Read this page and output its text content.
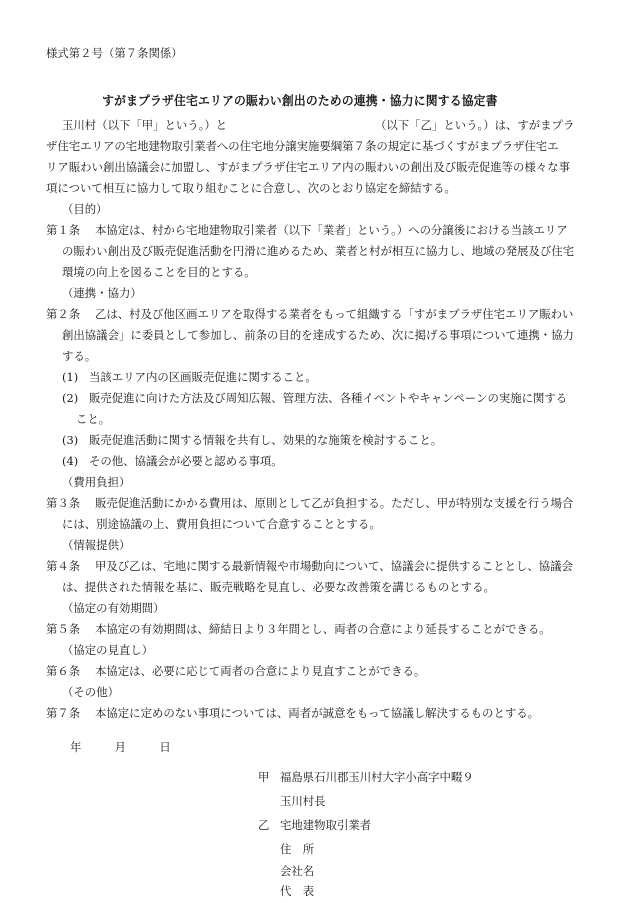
様式第２号（第７条関係）
すがまプラザ住宅エリアの賑わい創出のための連携・協力に関する協定書
玉川村（以下「甲」という。）と	（以下「乙」という。）は、すがまプラ
ザ住宅エリアの宅地建物取引業者への住宅地分譲実施要綱第７条の規定に基づくすがまプラザ住宅エ
リア賑わい創出協議会に加盟し、すがまプラザ住宅エリア内の賑わいの創出及び販売促進等の様々な事
項について相互に協力して取り組むことに合意し、次のとおり協定を締結する。
（目的）
第１条 本協定は、村から宅地建物取引業者（以下「業者」という。）への分譲後における当該エリア
の賑わい創出及び販売促進活動を円滑に進めるため、業者と村が相互に協力し、地域の発展及び住宅
環境の向上を図ることを目的とする。
（連携・協力）
第２条 乙は、村及び他区画エリアを取得する業者をもって組織する「すがまプラザ住宅エリア賑わい
創出協議会」に委員として参加し、前条の目的を達成するため、次に掲げる事項について連携・協力
する。
(1) 当該エリア内の区画販売促進に関すること。
(2) 販売促進に向けた方法及び周知広報、管理方法、各種イベントやキャンペーンの実施に関する
こと。
(3) 販売促進活動に関する情報を共有し、効果的な施策を検討すること。
(4) その他、協議会が必要と認める事項。
（費用負担）
第３条 販売促進活動にかかる費用は、原則として乙が負担する。ただし、甲が特別な支援を行う場合
には、別途協議の上、費用負担について合意することとする。
（情報提供）
第４条 甲及び乙は、宅地に関する最新情報や市場動向について、協議会に提供することとし、協議会
は、提供された情報を基に、販売戦略を見直し、必要な改善策を講じるものとする。
（協定の有効期間）
第５条 本協定の有効期間は、締結日より３年間とし、両者の合意により延長することができる。
（協定の見直し）
第６条 本協定は、必要に応じて両者の合意により見直すことができる。
（その他）
第７条 本協定に定めのない事項については、両者が誠意をもって協議し解決するものとする。
年	月	日
甲 福島県石川郡玉川村大字小高字中畷９
玉川村長
乙 宅地建物取引業者
住　所
会社名
代　表
